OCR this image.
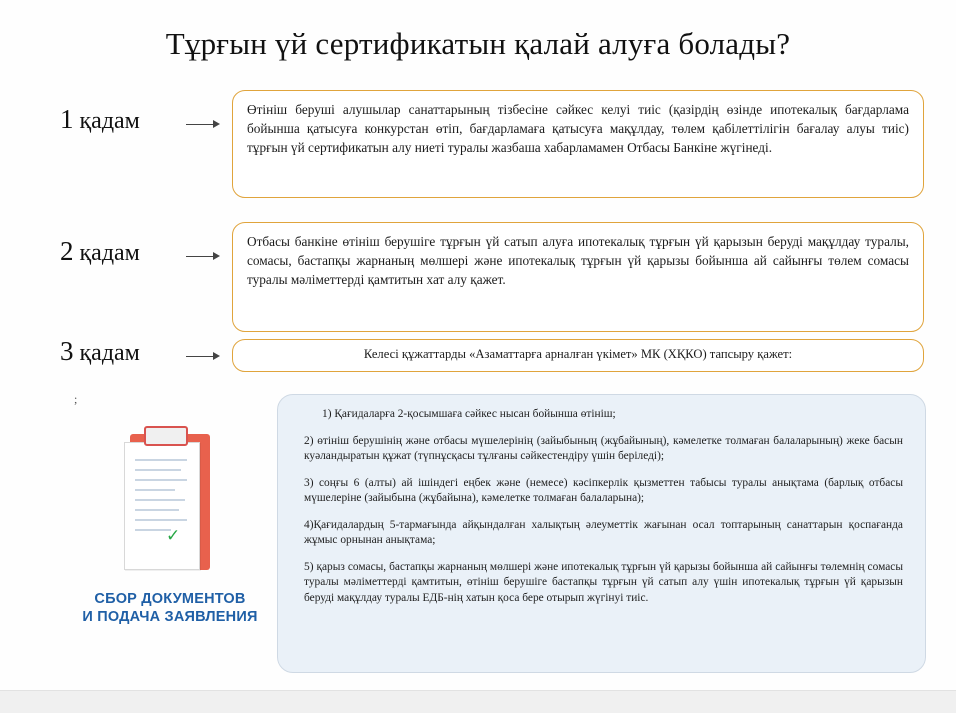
Тұрғын үй сертификатын қалай алуға болады?
1 қадам	Өтініш беруші алушылар санаттарының тізбесіне сәйкес келуі тиіс (қазірдің өзінде ипотекалық бағдарлама бойынша қатысуға конкурстан өтіп, бағдарламаға қатысуға мақұлдау, төлем қабілеттілігін бағалау алуы тиіс) тұрғын үй сертификатын алу ниеті туралы жазбаша хабарламамен Отбасы Банкіне жүгінеді.
2 қадам	Отбасы банкіне өтініш берушіге тұрғын үй сатып алуға ипотекалық тұрғын үй қарызын беруді мақұлдау туралы, сомасы, бастапқы жарнаның мөлшері және ипотекалық тұрғын үй қарызы бойынша ай сайынғы төлем сомасы туралы мәліметтерді қамтитын хат алу қажет.
3 қадам	Келесі құжаттарды «Азаматтарға арналған үкімет» МК (ХҚКО) тапсыру қажет:
;

1) Қағидаларға 2-қосымшаға сәйкес нысан бойынша өтініш;

2) өтініш берушінің және отбасы мүшелерінің (зайыбының (жұбайының), кәмелетке толмаған балаларының) жеке басын куәландыратын құжат (түпнұсқасы тұлғаны сәйкестендіру үшін беріледі);

3) соңғы 6 (алты) ай ішіндегі еңбек және (немесе) кәсіпкерлік қызметтен табысы туралы анықтама (барлық отбасы мүшелеріне (зайыбына (жұбайына), кәмелетке толмаған балаларына);

4)Қағидалардың 5-тармағында айқындалған халықтың әлеуметтік жағынан осал топтарының санаттарын қоспағанда жұмыс орнынан анықтама;

5) қарыз сомасы, бастапқы жарнаның мөлшері және ипотекалық тұрғын үй қарызы бойынша ай сайынғы төлемнің сомасы туралы мәліметтерді қамтитын, өтініш берушіге бастапқы тұрғын үй сатып алу үшін ипотекалық тұрғын үй қарызын беруді мақұлдау туралы ЕДБ-нің хатын қоса бере отырып жүгінуі тиіс.

✓
СБОР ДОКУМЕНТОВ
И ПОДАЧА ЗАЯВЛЕНИЯ
